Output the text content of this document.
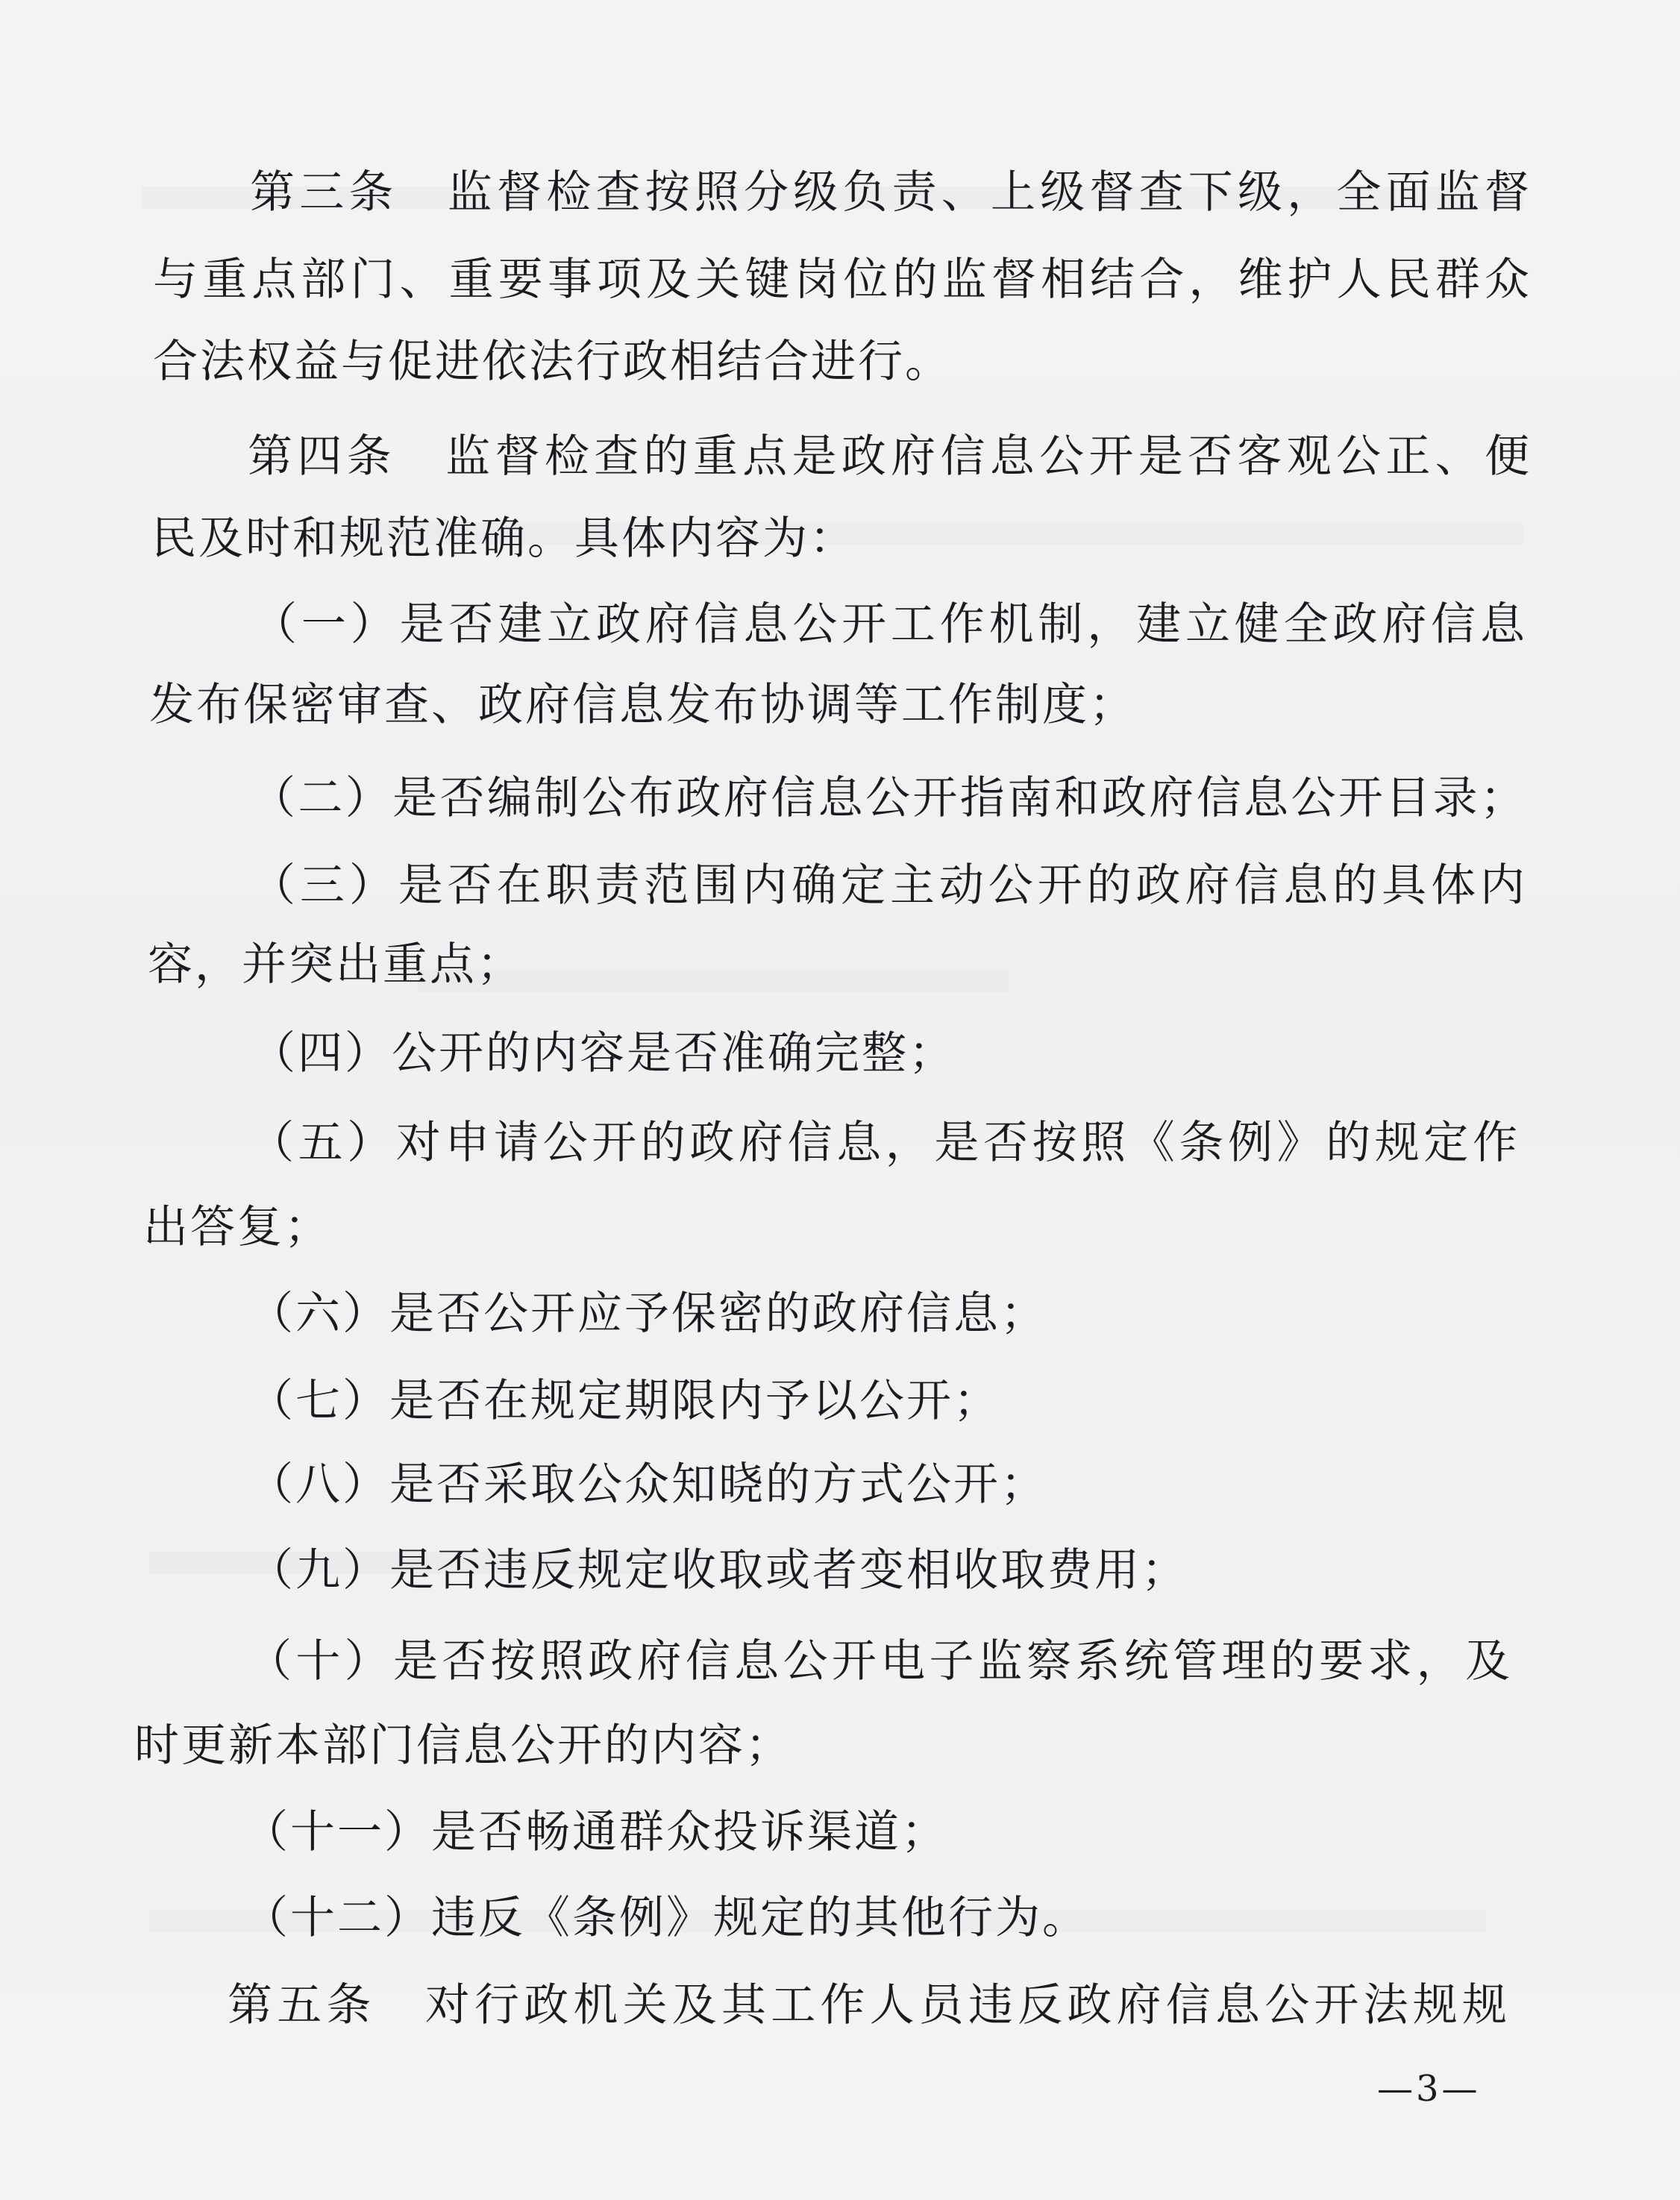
第三条　监督检查按照分级负责、上级督查下级，全面监督
与重点部门、重要事项及关键岗位的监督相结合，维护人民群众
合法权益与促进依法行政相结合进行。
第四条　监督检查的重点是政府信息公开是否客观公正、便
民及时和规范准确。具体内容为：
（一）是否建立政府信息公开工作机制，建立健全政府信息
发布保密审查、政府信息发布协调等工作制度；
（二）是否编制公布政府信息公开指南和政府信息公开目录；
（三）是否在职责范围内确定主动公开的政府信息的具体内
容，并突出重点；
（四）公开的内容是否准确完整；
（五）对申请公开的政府信息，是否按照《条例》的规定作
出答复；
（六）是否公开应予保密的政府信息；
（七）是否在规定期限内予以公开；
（八）是否采取公众知晓的方式公开；
（九）是否违反规定收取或者变相收取费用；
（十）是否按照政府信息公开电子监察系统管理的要求，及
时更新本部门信息公开的内容；
（十一）是否畅通群众投诉渠道；
（十二）违反《条例》规定的其他行为。
第五条　对行政机关及其工作人员违反政府信息公开法规规
—3—
